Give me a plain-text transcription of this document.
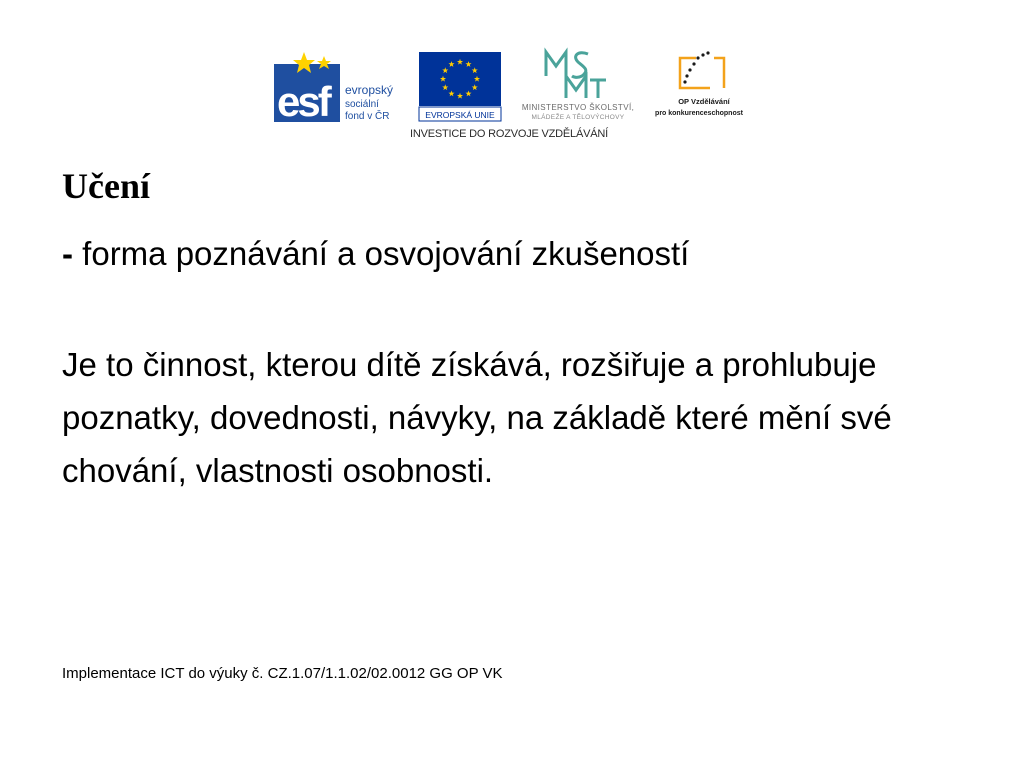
esf	evropský
sociální
fond v ČR	EVROPSKÁ UNIE
MINISTERSTVO ŠKOLSTVÍ,
MLÁDEŽE A TĚLOVÝCHOVY
OP Vzdělávání
pro konkurenceschopnost
INVESTICE DO ROZVOJE VZDĚLÁVÁNÍ
Učení

- forma poznávání a osvojování zkušeností

Je to činnost, kterou dítě získává, rozšiřuje a prohlubuje poznatky, dovednosti, návyky, na základě které mění své chování, vlastnosti osobnosti.

Implementace ICT do výuky č. CZ.1.07/1.1.02/02.0012 GG OP VK
